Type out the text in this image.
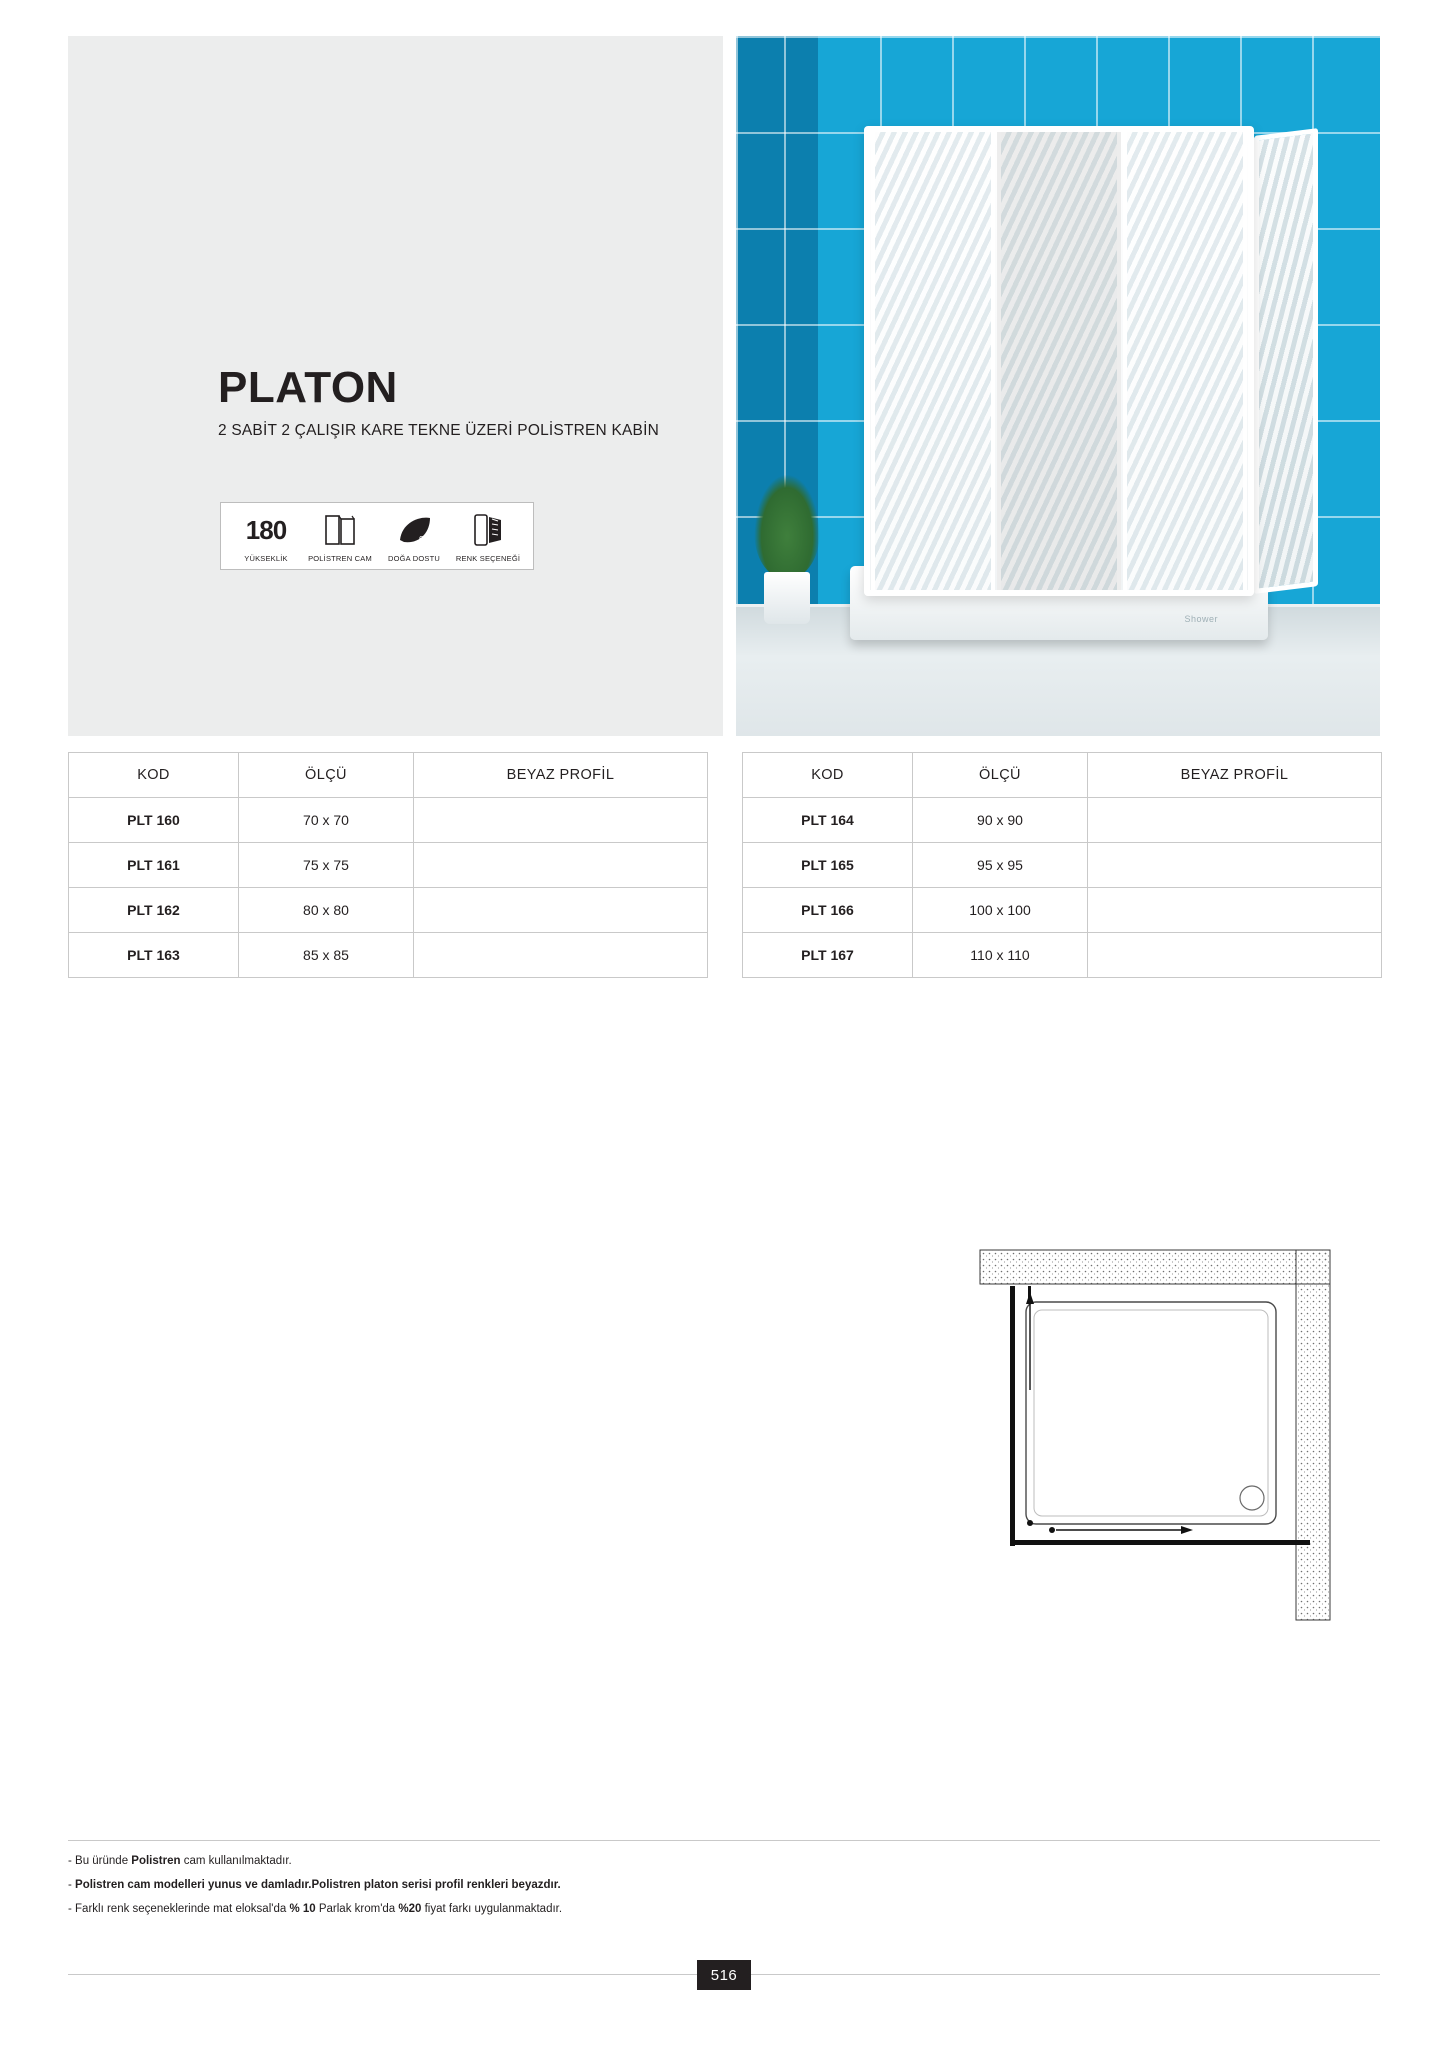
Shower
PLATON

2 SABİT 2 ÇALIŞIR KARE TEKNE ÜZERİ POLİSTREN KABİN

180
YÜKSEKLİK	POLİSTREN CAM
eco
DOĞA DOSTU	RENK SEÇENEĞİ
KOD	ÖLÇÜ	BEYAZ PROFİL
PLT 160	70 x 70	
PLT 161	75 x 75	
PLT 162	80 x 80	
PLT 163	85 x 85	
KOD	ÖLÇÜ	BEYAZ PROFİL
PLT 164	90 x 90	
PLT 165	95 x 95	
PLT 166	100 x 100	
PLT 167	110 x 110	

- Bu üründe Polistren cam kullanılmaktadır.

- Polistren cam modelleri yunus ve damladır.Polistren platon serisi profil renkleri beyazdır.

- Farklı renk seçeneklerinde mat eloksal'da % 10 Parlak krom'da %20 fiyat farkı uygulanmaktadır.

516
